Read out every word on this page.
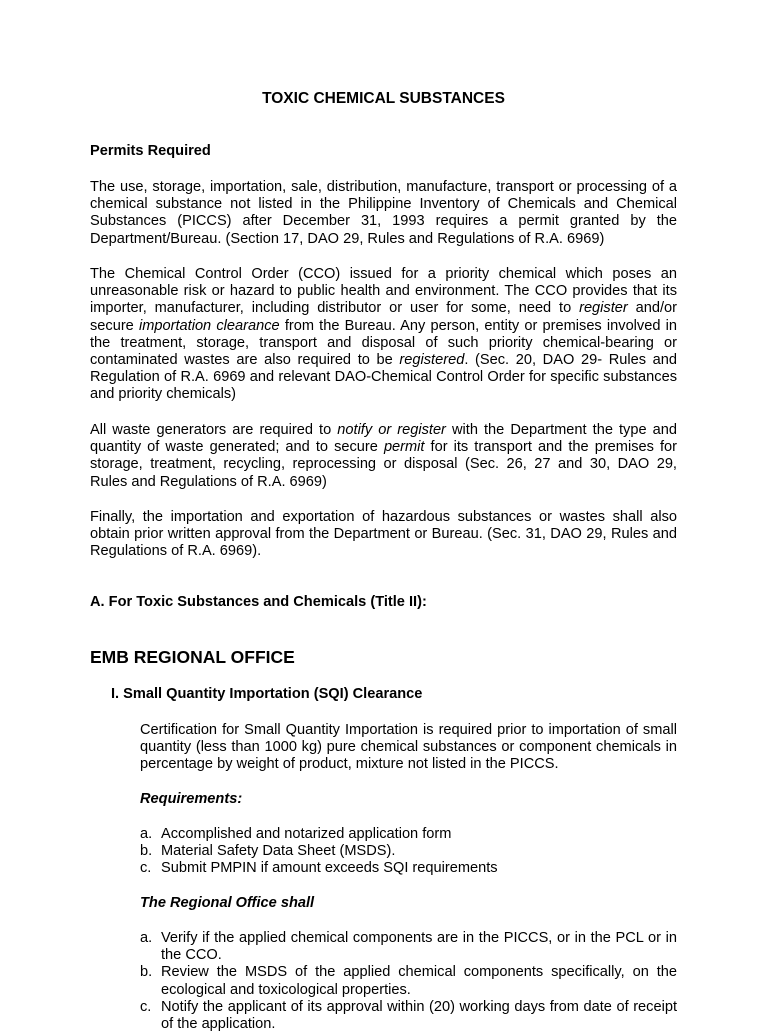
TOXIC CHEMICAL SUBSTANCES

Permits Required

The use, storage, importation, sale, distribution, manufacture, transport or processing of a chemical substance not listed in the Philippine Inventory of Chemicals and Chemical Substances (PICCS) after December 31, 1993 requires a permit granted by the Department/Bureau. (Section 17, DAO 29, Rules and Regulations of R.A. 6969)

The Chemical Control Order (CCO) issued for a priority chemical which poses an unreasonable risk or hazard to public health and environment. The CCO provides that its importer, manufacturer, including distributor or user for some, need to register and/or secure importation clearance from the Bureau. Any person, entity or premises involved in the treatment, storage, transport and disposal of such priority chemical-bearing or contaminated wastes are also required to be registered. (Sec. 20, DAO 29- Rules and Regulation of R.A. 6969 and relevant DAO-Chemical Control Order for specific substances and priority chemicals)

All waste generators are required to notify or register with the Department the type and quantity of waste generated; and to secure permit for its transport and the premises for storage, treatment, recycling, reprocessing or disposal (Sec. 26, 27 and 30, DAO 29, Rules and Regulations of R.A. 6969)

Finally, the importation and exportation of hazardous substances or wastes shall also obtain prior written approval from the Department or Bureau. (Sec. 31, DAO 29, Rules and Regulations of R.A. 6969).

A. For Toxic Substances and Chemicals (Title II):

EMB REGIONAL OFFICE

I. Small Quantity Importation (SQI) Clearance

Certification for Small Quantity Importation is required prior to importation of small quantity (less than 1000 kg) pure chemical substances or component chemicals in percentage by weight of product, mixture not listed in the PICCS.

Requirements:

a. Accomplished and notarized application form
b. Material Safety Data Sheet (MSDS).
c. Submit PMPIN if amount exceeds SQI requirements

The Regional Office shall

a. Verify if the applied chemical components are in the PICCS, or in the PCL or in the CCO.
b. Review the MSDS of the applied chemical components specifically, on the ecological and toxicological properties.
c. Notify the applicant of its approval within (20) working days from date of receipt of the application.
